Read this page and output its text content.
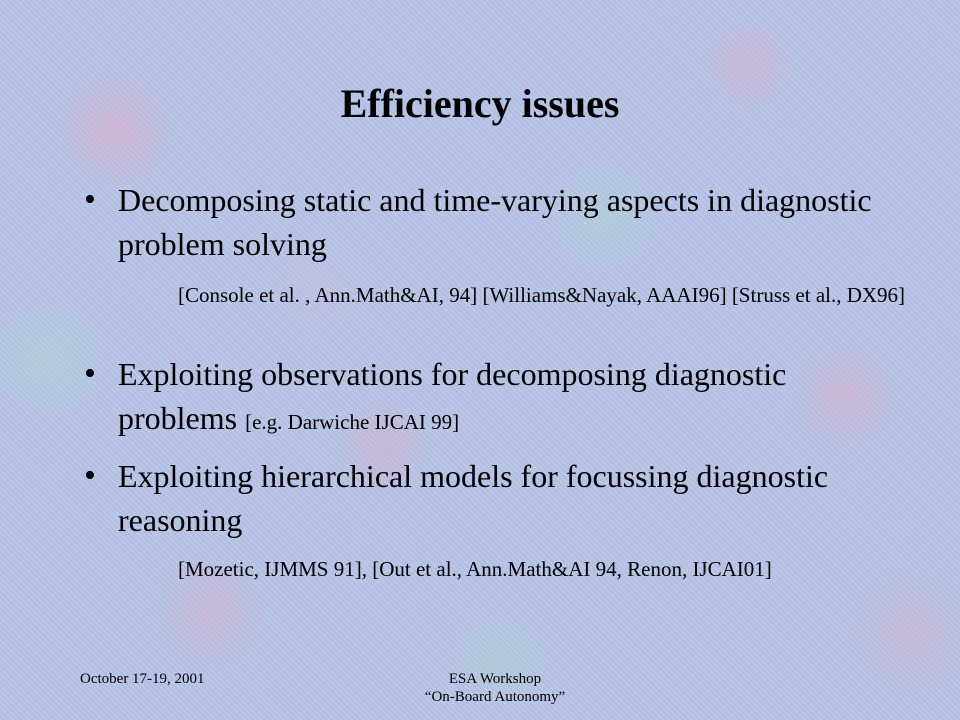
Efficiency issues
• Decomposing static and time-varying aspects in diagnostic problem solving
[Console et al. , Ann.Math&AI, 94] [Williams&Nayak, AAAI96] [Struss et al., DX96]
• Exploiting observations for decomposing diagnostic problems [e.g. Darwiche IJCAI 99]
• Exploiting hierarchical models for focussing diagnostic reasoning
[Mozetic, IJMMS 91], [Out et al., Ann.Math&AI 94, Renon, IJCAI01]
October 17-19, 2001	ESA Workshop
“On-Board Autonomy”
